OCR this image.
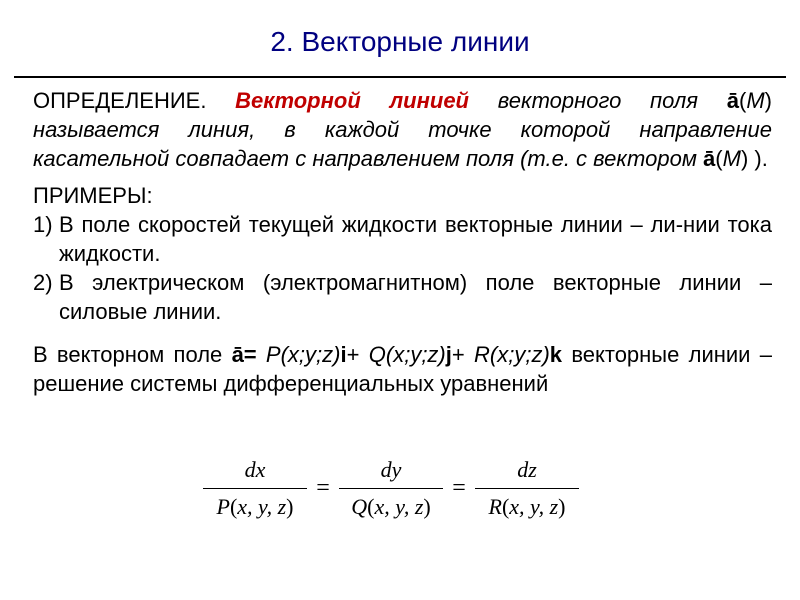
2. Векторные линии
ОПРЕДЕЛЕНИЕ. Векторной линией векторного поля ā(M) называется линия, в каждой точке которой направление касательной совпадает с направлением поля (т.е. с вектором ā(M) ).
ПРИМЕРЫ:
1) В поле скоростей текущей жидкости векторные линии – ли-нии тока жидкости.
2) В электрическом (электромагнитном) поле векторные линии – силовые линии.
В векторном поле ā= P(x;y;z)i+ Q(x;y;z)j+ R(x;y;z)k векторные линии – решение системы дифференциальных уравнений
$\frac{dx}{P(x, y, z)} = \frac{dy}{Q(x, y, z)} = \frac{dz}{R(x, y, z)}$
